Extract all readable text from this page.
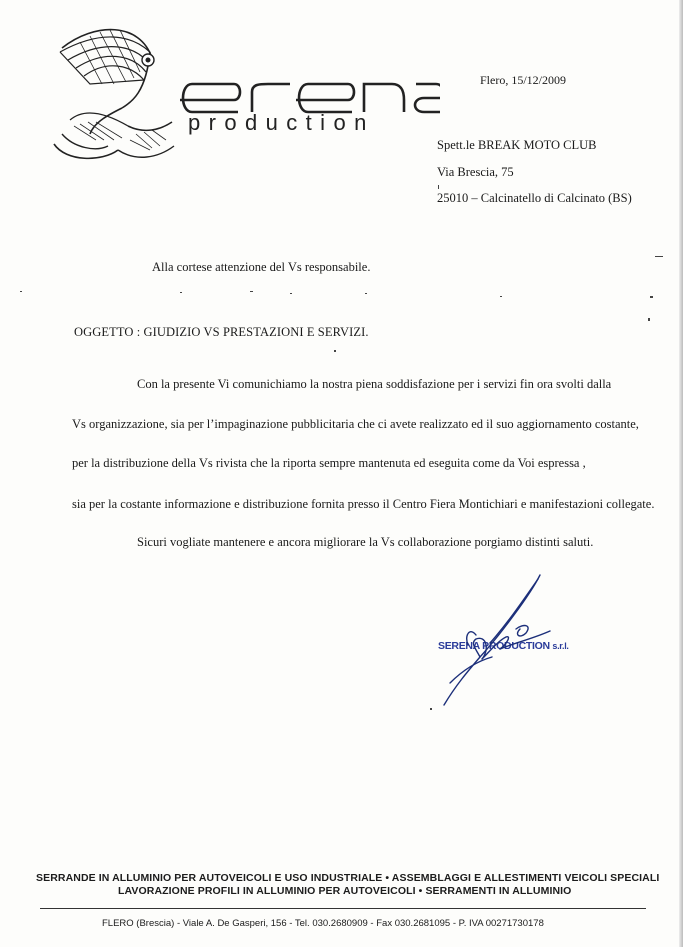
production
Flero, 15/12/2009
Spett.le BREAK MOTO CLUB
Via Brescia, 75
25010 – Calcinatello di Calcinato (BS)
Alla cortese attenzione del Vs responsabile.
OGGETTO : GIUDIZIO VS PRESTAZIONI E SERVIZI.
Con la presente Vi comunichiamo la nostra piena soddisfazione per i servizi fin ora svolti dalla
Vs organizzazione, sia per l’impaginazione pubblicitaria che ci avete realizzato ed il suo aggiornamento costante,
per la distribuzione della Vs rivista che la riporta sempre mantenuta ed eseguita come da Voi espressa ,
sia per la costante informazione e distribuzione fornita presso il Centro Fiera Montichiari e manifestazioni collegate.
Sicuri vogliate mantenere e ancora migliorare la Vs collaborazione porgiamo distinti saluti.
SERENA PRODUCTION s.r.l.
SERRANDE IN ALLUMINIO PER AUTOVEICOLI E USO INDUSTRIALE • ASSEMBLAGGI E ALLESTIMENTI VEICOLI SPECIALI
LAVORAZIONE PROFILI IN ALLUMINIO PER AUTOVEICOLI • SERRAMENTI IN ALLUMINIO
FLERO (Brescia) - Viale A. De Gasperi, 156 - Tel. 030.2680909 - Fax 030.2681095 - P. IVA 00271730178
